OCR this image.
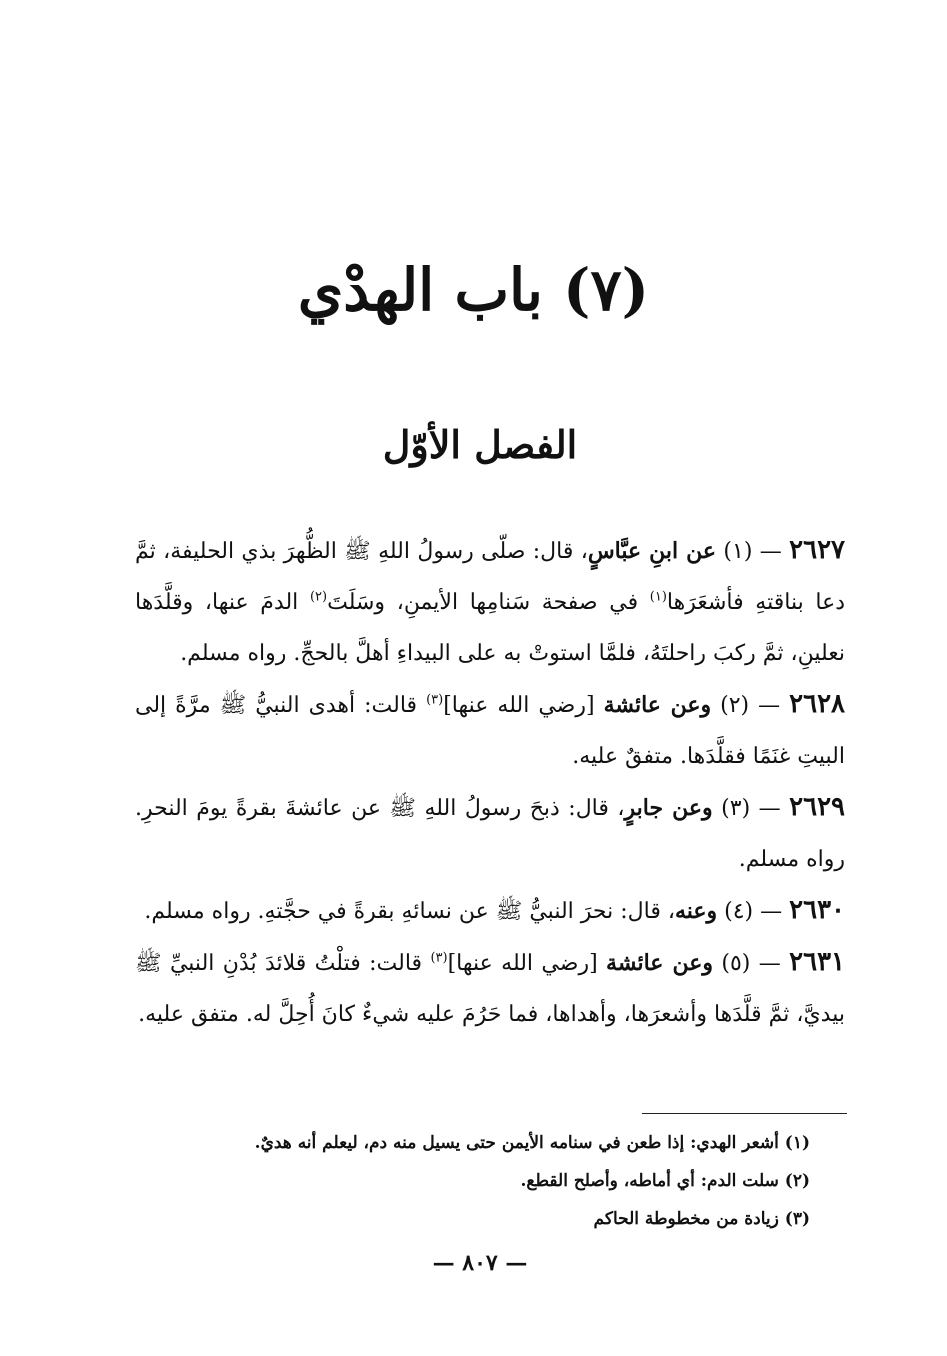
(٧) باب الهدْي
الفصل الأوّل

٢٦٢٧ — (١) عن ابنِ عبَّاسٍ، قال: صلّى رسولُ اللهِ ﷺ الظُّهرَ بذي الحليفة، ثمَّ دعا بناقتهِ فأشعَرَها$^{(١)}$ في صفحة سَنامِها الأيمنِ، وسَلَتَ$^{(٢)}$ الدمَ عنها، وقلَّدَها نعلينِ، ثمَّ ركبَ راحلتَهُ، فلمَّا استوتْ به على البيداءِ أهلَّ بالحجِّ. رواه مسلم.

٢٦٢٨ — (٢) وعن عائشة [رضي الله عنها]$^{(٣)}$ قالت: أهدى النبيُّ ﷺ مرَّةً إلى البيتِ غنَمًا فقلَّدَها. متفقٌ عليه.

٢٦٢٩ — (٣) وعن جابرٍ، قال: ذبحَ رسولُ اللهِ ﷺ عن عائشةَ بقرةً يومَ النحرِ. رواه مسلم.

٢٦٣٠ — (٤) وعنه، قال: نحرَ النبيُّ ﷺ عن نسائهِ بقرةً في حجَّتهِ. رواه مسلم.

٢٦٣١ — (٥) وعن عائشة [رضي الله عنها]$^{(٣)}$ قالت: فتلْتُ قلائدَ بُدْنِ النبيِّ ﷺ بيديَّ، ثمَّ قلَّدَها وأشعرَها، وأهداها، فما حَرُمَ عليه شيءٌ كانَ أُحِلَّ له. متفق عليه.

(١) أشعر الهدي: إذا طعن في سنامه الأيمن حتى يسيل منه دم، ليعلم أنه هديٌ.

(٢) سلت الدم: أي أماطه، وأصلح القطع.

(٣) زيادة من مخطوطة الحاكم

— ٨٠٧ —
